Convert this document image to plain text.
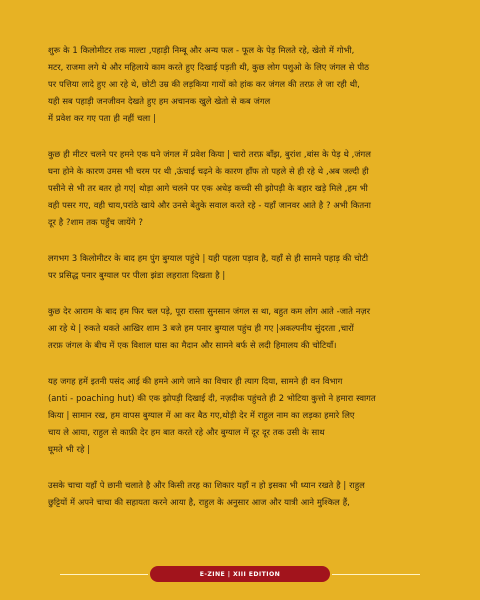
शुरू के 1 किलोमीटर तक माल्टा ,पहाड़ी निम्बू और अन्य फल - फूल के पेड़ मिलते रहे, खेतो में गोभी,
मटर, राजमा लगे थे और महिलाये काम करते हुए दिखाई पड़ती थी, कुछ लोग पशुओ के लिए जंगल से पीठ
पर पत्तिया लादे हुए आ रहे थे, छोटी उम्र की लड़किया गायों को हांक कर जंगल की तरफ़ ले जा रही थी,
यही सब पहाड़ी जनजीवन देखते हुए हम अचानक खुले खेतो से कब जंगल
में प्रवेश कर गए पता ही नहीं चला |

कुछ ही मीटर चलने पर हमने एक घने जंगल में प्रवेश किया | चारो तरफ़ बाँझ, बुरांश ,बांस के पेड़ थे ,जंगल
घना होने के कारण उमस भी चरम पर थी ,ऊंचाई चढ़ने के कारण हाँफ तो पहले से ही रहे थे ,अब जल्दी ही
पसीने से भी तर बतर हो गए| थोड़ा आगे चलने पर एक अधेड़ कच्ची सी झोपड़ी के बहार खड़े मिले ,हम भी
वही पसर गए, वही चाय,परांठे खाये और उनसे बेतुके सवाल करते रहे - यहाँ जानवर आते है ? अभी कितना
दूर है ?शाम तक पहुँच जायेंगे ?

लगभग 3 किलोमीटर के बाद हम पुंग बुग्याल पहुंचे | यही पहला पड़ाव है, यहाँ से ही सामने पहाड़ की चोटी
पर प्रसिद्ध पनार बुग्याल पर पीला झंडा लहराता दिखता है |

कुछ देर आराम के बाद हम फिर चल पड़े, पूरा रास्ता सुनसान जंगल स था, बहुत कम लोग आते -जाते नज़र
आ रहे थे | रुकते थकते आखिर शाम 3 बजे हम पनार बुग्याल पहुंच ही गए |अकल्पनीय सुंदरता ,चारों
तरफ़ जंगल के बीच में एक विशाल घास का मैदान और सामने बर्फ से लदी हिमालय की चोटियाँ।

यह जगह हमें इतनी पसंद आई की हमने आगे जाने का विचार ही त्याग दिया, सामने ही वन विभाग
(anti - poaching hut) की एक झोपड़ी दिखाई दी, नज़दीक पहुंचते ही 2 भोटिया कुत्तो ने हमारा स्वागत
किया | सामान रख, हम वापस बुग्याल में आ कर बैठ गए,थोड़ी देर में राहुल नाम का लड़का हमारे लिए
चाय ले आया, राहुल से काफ़ी देर हम बात करते रहे और बुग्याल में दूर दूर तक उसी के साथ
घूमते भी रहे |

उसके चाचा यहाँ पे छानी चलाते है और किसी तरह का शिकार यहाँ न हो इसका भी ध्यान रखते है | राहुल
छुट्टियों में अपने चाचा की सहायता करने आया है, राहुल के अनुसार आज और यात्री आने मुश्किल हैं,

E-ZINE | XIII EDITION
